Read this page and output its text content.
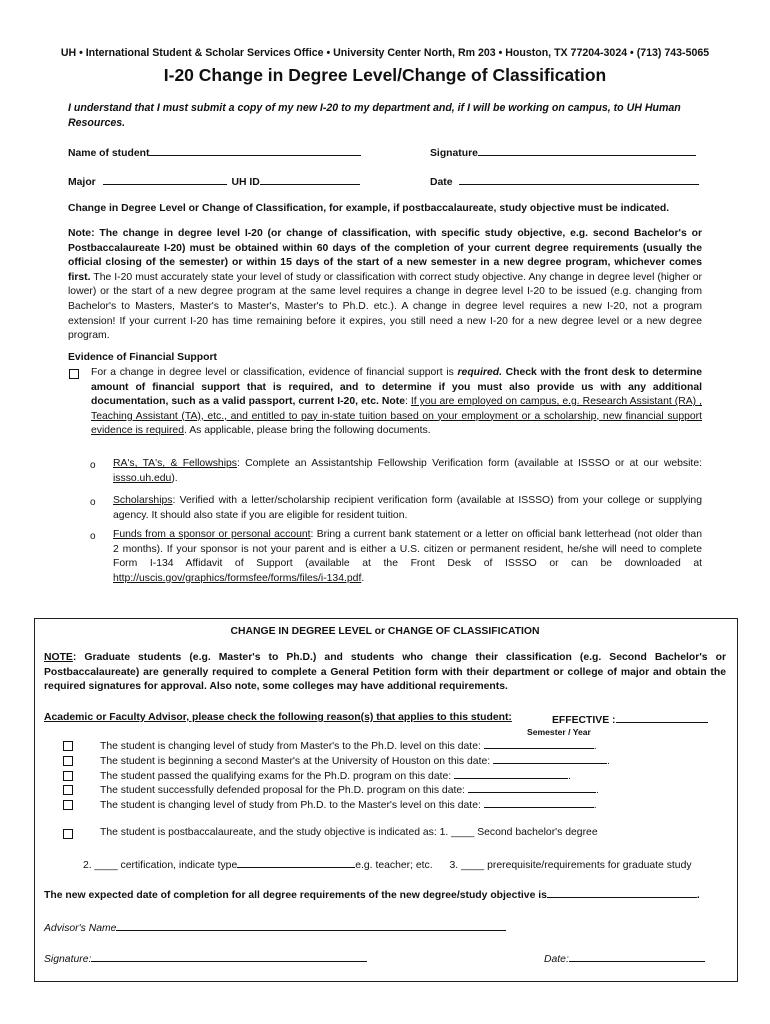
UH • International Student & Scholar Services Office • University Center North, Rm 203 • Houston, TX 77204-3024 • (713) 743-5065
I-20 Change in Degree Level/Change of Classification
I understand that I must submit a copy of my new I-20 to my department and, if I will be working on campus, to UH Human Resources.
Name of student	Signature
Major	UH ID	Date
Change in Degree Level or Change of Classification, for example, if postbaccalaureate, study objective must be indicated.
Note: The change in degree level I-20 (or change of classification, with specific study objective, e.g. second Bachelor's or Postbaccalaureate I-20) must be obtained within 60 days of the completion of your current degree requirements (usually the official closing of the semester) or within 15 days of the start of a new semester in a new degree program, whichever comes first. The I-20 must accurately state your level of study or classification with correct study objective. Any change in degree level (higher or lower) or the start of a new degree program at the same level requires a change in degree level I-20 to be issued (e.g. changing from Bachelor's to Masters, Master's to Master's, Master's to Ph.D. etc.). A change in degree level requires a new I-20, not a program extension! If your current I-20 has time remaining before it expires, you still need a new I-20 for a new degree level or a new degree program.
Evidence of Financial Support
For a change in degree level or classification, evidence of financial support is required. Check with the front desk to determine amount of financial support that is required, and to determine if you must also provide us with any additional documentation, such as a valid passport, current I-20, etc. Note: If you are employed on campus, e.g. Research Assistant (RA) , Teaching Assistant (TA), etc., and entitled to pay in-state tuition based on your employment or a scholarship, new financial support evidence is required. As applicable, please bring the following documents.
o RA's, TA's, & Fellowships: Complete an Assistantship Fellowship Verification form (available at ISSSO or at our website: issso.uh.edu).
o Scholarships: Verified with a letter/scholarship recipient verification form (available at ISSSO) from your college or supplying agency. It should also state if you are eligible for resident tuition.
o Funds from a sponsor or personal account: Bring a current bank statement or a letter on official bank letterhead (not older than 2 months). If your sponsor is not your parent and is either a U.S. citizen or permanent resident, he/she will need to complete Form I-134 Affidavit of Support (available at the Front Desk of ISSSO or can be downloaded at http://uscis.gov/graphics/formsfee/forms/files/i-134.pdf.
CHANGE IN DEGREE LEVEL or CHANGE OF CLASSIFICATION
NOTE: Graduate students (e.g. Master's to Ph.D.) and students who change their classification (e.g. Second Bachelor's or Postbaccalaureate) are generally required to complete a General Petition form with their department or college of major and obtain the required signatures for approval. Also note, some colleges may have additional requirements.
Academic or Faculty Advisor, please check the following reason(s) that applies to this student:	EFFECTIVE :
Semester / Year
The student is changing level of study from Master's to the Ph.D. level on this date:	.
The student is beginning a second Master's at the University of Houston on this date:	.
The student passed the qualifying exams for the Ph.D. program on this date:	.
The student successfully defended proposal for the Ph.D. program on this date:	.
The student is changing level of study from Ph.D. to the Master's level on this date:	.
The student is postbaccalaureate, and the study objective is indicated as: 1. ____ Second bachelor's degree
2. ____ certification, indicate type	e.g. teacher; etc. 3. ____ prerequisite/requirements for graduate study
The new expected date of completion for all degree requirements of the new degree/study objective is	.
Advisor's Name
Signature:	Date:
